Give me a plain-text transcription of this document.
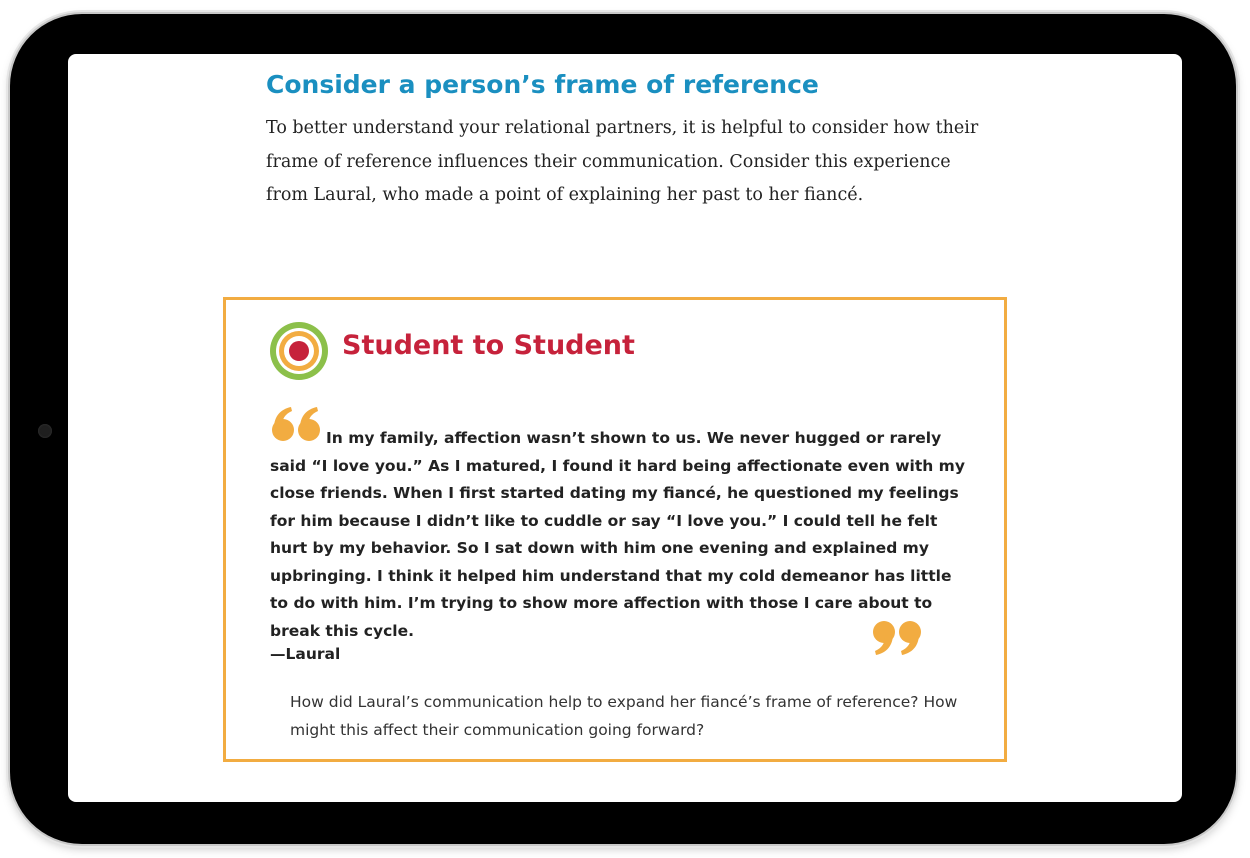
Consider a person’s frame of reference

To better understand your relational partners, it is helpful to consider how their frame of reference influences their communication. Consider this experience from Laural, who made a point of explaining her past to her fiancé.

Student to Student

In my family, affection wasn’t shown to us. We never hugged or rarely said “I love you.” As I matured, I found it hard being affectionate even with my close friends. When I first started dating my fiancé, he questioned my feelings for him because I didn’t like to cuddle or say “I love you.” I could tell he felt hurt by my behavior. So I sat down with him one evening and explained my upbringing. I think it helped him understand that my cold demeanor has little to do with him. I’m trying to show more affection with those I care about to break this cycle.

—Laural

How did Laural’s communication help to expand her fiancé’s frame of reference? How might this affect their communication going forward?
